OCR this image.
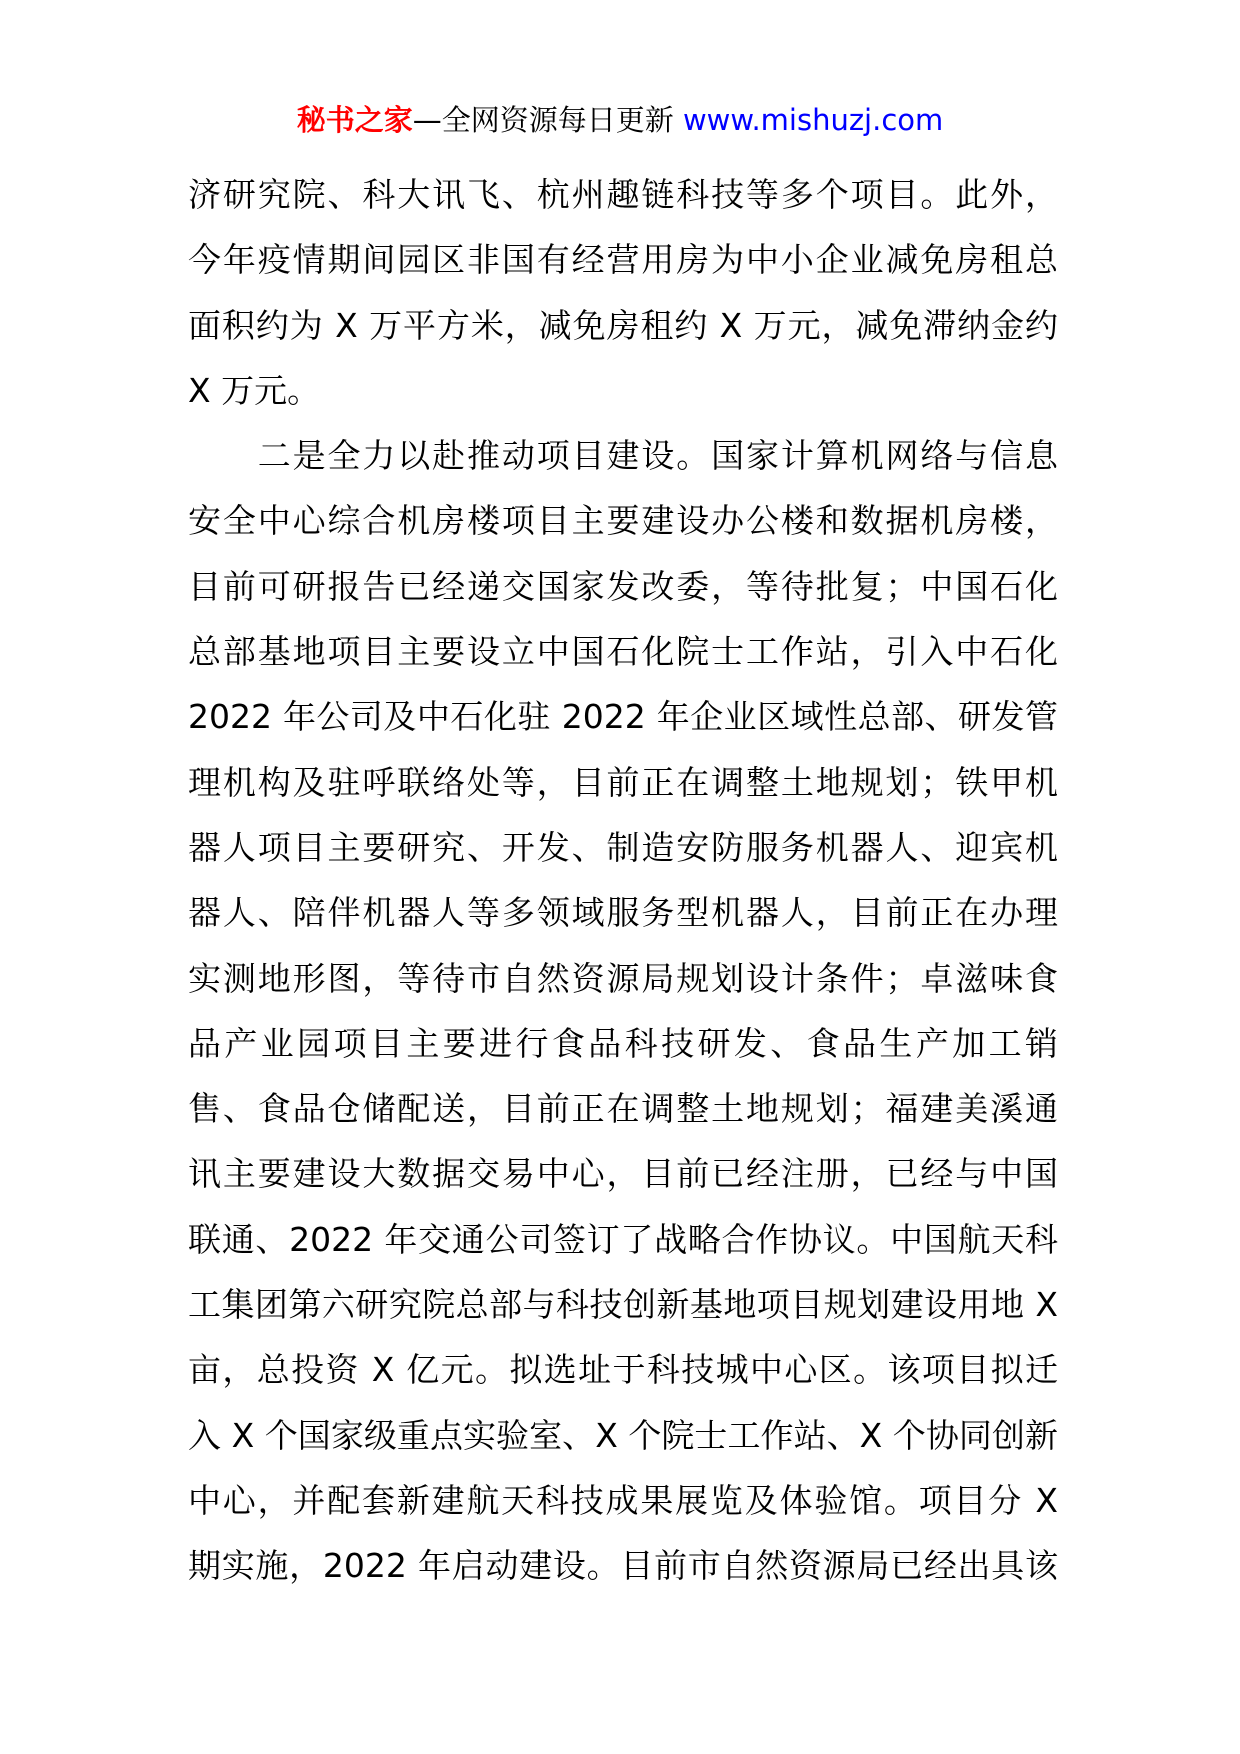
秘书之家—全网资源每日更新 www.mishuzj.com
济研究院、科大讯飞、杭州趣链科技等多个项目。此外，
今年疫情期间园区非国有经营用房为中小企业减免房租总
面积约为 X 万平方米，减免房租约 X 万元，减免滞纳金约
X 万元。
　　二是全力以赴推动项目建设。国家计算机网络与信息
安全中心综合机房楼项目主要建设办公楼和数据机房楼，
目前可研报告已经递交国家发改委，等待批复；中国石化
总部基地项目主要设立中国石化院士工作站，引入中石化
2022 年公司及中石化驻 2022 年企业区域性总部、研发管
理机构及驻呼联络处等，目前正在调整土地规划；铁甲机
器人项目主要研究、开发、制造安防服务机器人、迎宾机
器人、陪伴机器人等多领域服务型机器人，目前正在办理
实测地形图，等待市自然资源局规划设计条件；卓滋味食
品产业园项目主要进行食品科技研发、食品生产加工销
售、食品仓储配送，目前正在调整土地规划；福建美溪通
讯主要建设大数据交易中心，目前已经注册，已经与中国
联通、2022 年交通公司签订了战略合作协议。中国航天科
工集团第六研究院总部与科技创新基地项目规划建设用地 X
亩，总投资 X 亿元。拟选址于科技城中心区。该项目拟迁
入 X 个国家级重点实验室、X 个院士工作站、X 个协同创新
中心，并配套新建航天科技成果展览及体验馆。项目分 X
期实施，2022 年启动建设。目前市自然资源局已经出具该
